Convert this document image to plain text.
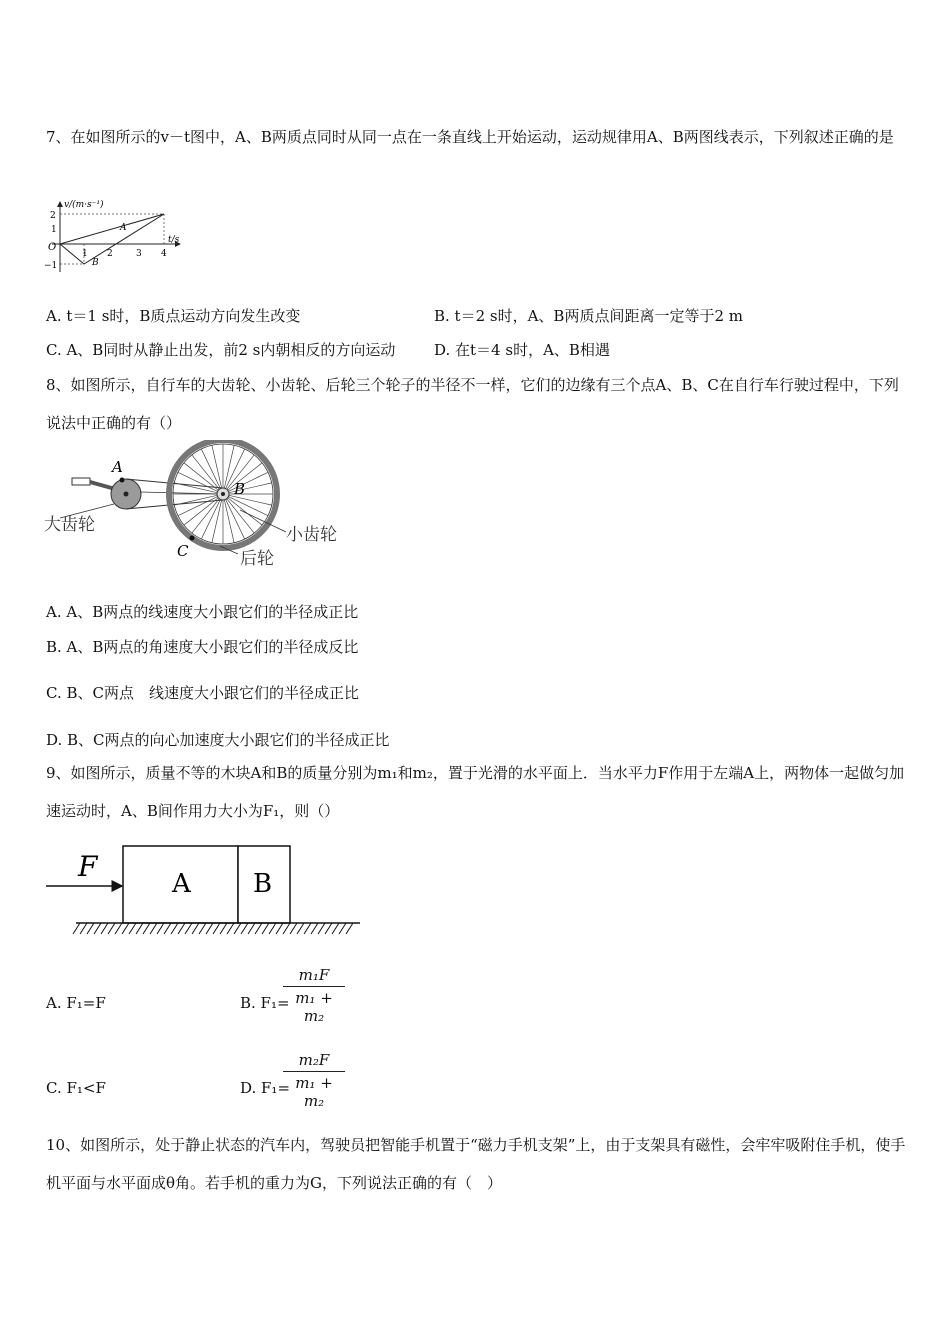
7、在如图所示的v－t图中，A、B两质点同时从同一点在一条直线上开始运动，运动规律用A、B两图线表示，下列叙述正确的是
v/(m·s⁻¹)
t/s
O
2
1
−1
1 2	3 4
A
B
A. t＝1 s时，B质点运动方向发生改变	B. t＝2 s时，A、B两质点间距离一定等于2 m
C. A、B同时从静止出发，前2 s内朝相反的方向运动	D. 在t＝4 s时，A、B相遇
8、如图所示，自行车的大齿轮、小齿轮、后轮三个轮子的半径不一样，它们的边缘有三个点A、B、C在自行车行驶过程中，下列说法中正确的有（）
A
B
C
大齿轮	小齿轮
后轮
A. A、B两点的线速度大小跟它们的半径成正比
B. A、B两点的角速度大小跟它们的半径成反比
C. B、C两点　线速度大小跟它们的半径成正比
D. B、C两点的向心加速度大小跟它们的半径成正比
9、如图所示，质量不等的木块A和B的质量分别为m₁和m₂，置于光滑的水平面上．当水平力F作用于左端A上，两物体一起做匀加速运动时，A、B间作用力大小为F₁，则（）
F
A B
A. F₁=F	B. F₁=
m₁F
m₁ + m₂
C. F₁<F	D. F₁=
m₂F
m₁ + m₂
10、如图所示，处于静止状态的汽车内，驾驶员把智能手机置于“磁力手机支架”上，由于支架具有磁性，会牢牢吸附住手机，使手机平面与水平面成θ角。若手机的重力为G，下列说法正确的有（　）
